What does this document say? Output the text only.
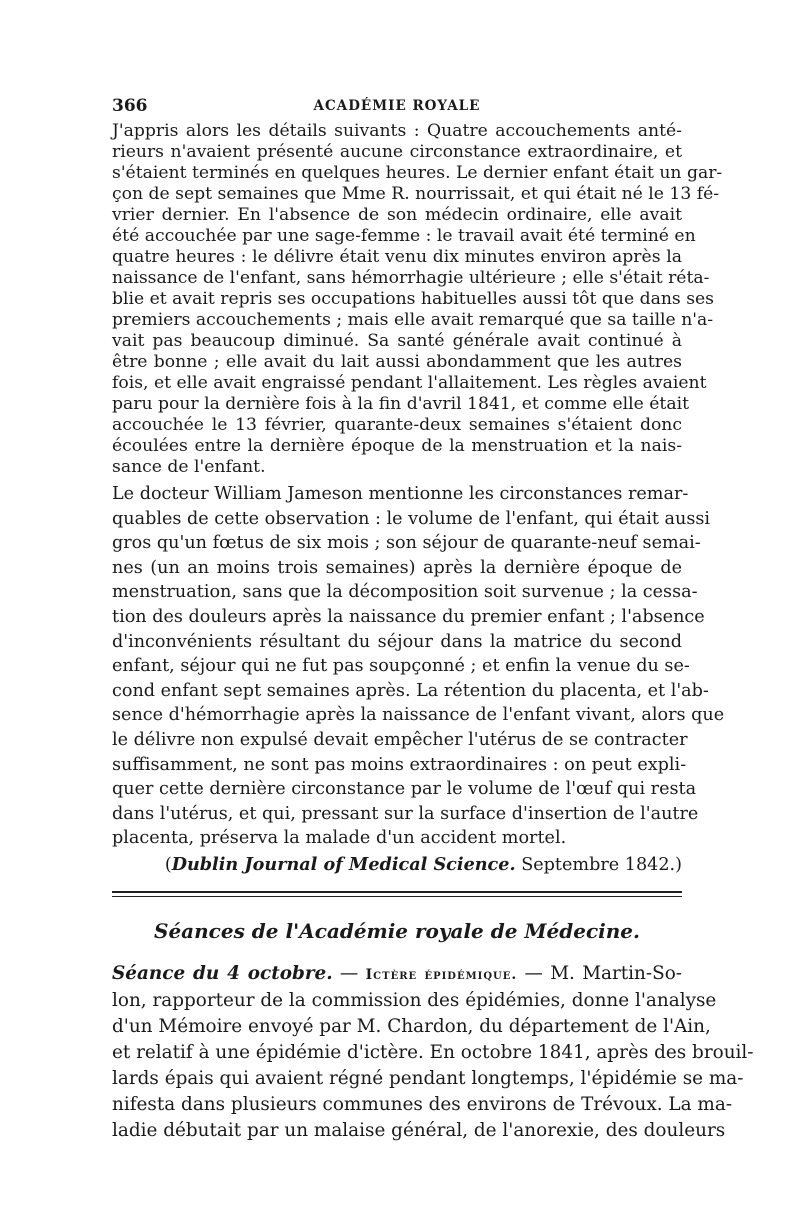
366	ACADÉMIE ROYALE
J'appris alors les détails suivants : Quatre accouchements anté-
rieurs n'avaient présenté aucune circonstance extraordinaire, et
s'étaient terminés en quelques heures. Le dernier enfant était un gar-
çon de sept semaines que Mme R. nourrissait, et qui était né le 13 fé-
vrier dernier. En l'absence de son médecin ordinaire, elle avait
été accouchée par une sage-femme : le travail avait été terminé en
quatre heures : le délivre était venu dix minutes environ après la
naissance de l'enfant, sans hémorrhagie ultérieure ; elle s'était réta-
blie et avait repris ses occupations habituelles aussi tôt que dans ses
premiers accouchements ; mais elle avait remarqué que sa taille n'a-
vait pas beaucoup diminué. Sa santé générale avait continué à
être bonne ; elle avait du lait aussi abondamment que les autres
fois, et elle avait engraissé pendant l'allaitement. Les règles avaient
paru pour la dernière fois à la fin d'avril 1841, et comme elle était
accouchée le 13 février, quarante-deux semaines s'étaient donc
écoulées entre la dernière époque de la menstruation et la nais-
sance de l'enfant.
Le docteur William Jameson mentionne les circonstances remar-
quables de cette observation : le volume de l'enfant, qui était aussi
gros qu'un fœtus de six mois ; son séjour de quarante-neuf semai-
nes (un an moins trois semaines) après la dernière époque de
menstruation, sans que la décomposition soit survenue ; la cessa-
tion des douleurs après la naissance du premier enfant ; l'absence
d'inconvénients résultant du séjour dans la matrice du second
enfant, séjour qui ne fut pas soupçonné ; et enfin la venue du se-
cond enfant sept semaines après. La rétention du placenta, et l'ab-
sence d'hémorrhagie après la naissance de l'enfant vivant, alors que
le délivre non expulsé devait empêcher l'utérus de se contracter
suffisamment, ne sont pas moins extraordinaires : on peut expli-
quer cette dernière circonstance par le volume de l'œuf qui resta
dans l'utérus, et qui, pressant sur la surface d'insertion de l'autre
placenta, préserva la malade d'un accident mortel.
(Dublin Journal of Medical Science. Septembre 1842.)
Séances de l'Académie royale de Médecine.
Séance du 4 octobre. — Ictère épidémique. — M. Martin-So-
lon, rapporteur de la commission des épidémies, donne l'analyse
d'un Mémoire envoyé par M. Chardon, du département de l'Ain,
et relatif à une épidémie d'ictère. En octobre 1841, après des brouil-
lards épais qui avaient régné pendant longtemps, l'épidémie se ma-
nifesta dans plusieurs communes des environs de Trévoux. La ma-
ladie débutait par un malaise général, de l'anorexie, des douleurs
